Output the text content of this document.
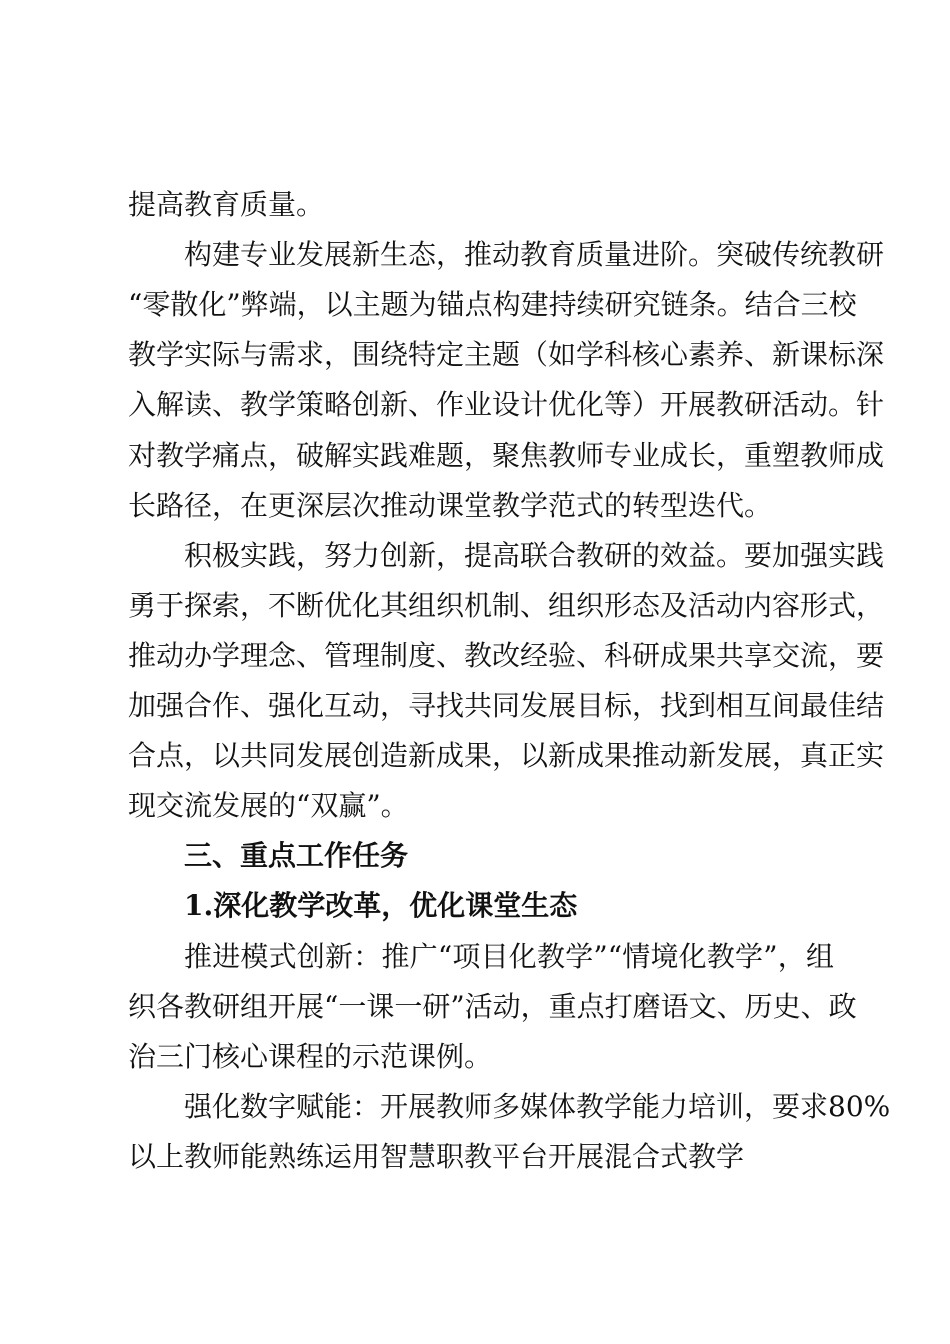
提高教育质量。
构建专业发展新生态，推动教育质量进阶。突破传统教研
“零散化”弊端，以主题为锚点构建持续研究链条。结合三校
教学实际与需求，围绕特定主题（如学科核心素养、新课标深
入解读、教学策略创新、作业设计优化等）开展教研活动。针
对教学痛点，破解实践难题，聚焦教师专业成长，重塑教师成
长路径，在更深层次推动课堂教学范式的转型迭代。
积极实践，努力创新，提高联合教研的效益。要加强实践
勇于探索，不断优化其组织机制、组织形态及活动内容形式，
推动办学理念、管理制度、教改经验、科研成果共享交流，要
加强合作、强化互动，寻找共同发展目标，找到相互间最佳结
合点，以共同发展创造新成果，以新成果推动新发展，真正实
现交流发展的“双赢”。
三、重点工作任务
1.深化教学改革，优化课堂生态
推进模式创新：推广“项目化教学”“情境化教学”，组
织各教研组开展“一课一研”活动，重点打磨语文、历史、政
治三门核心课程的示范课例。
强化数字赋能：开展教师多媒体教学能力培训，要求80%
以上教师能熟练运用智慧职教平台开展混合式教学
